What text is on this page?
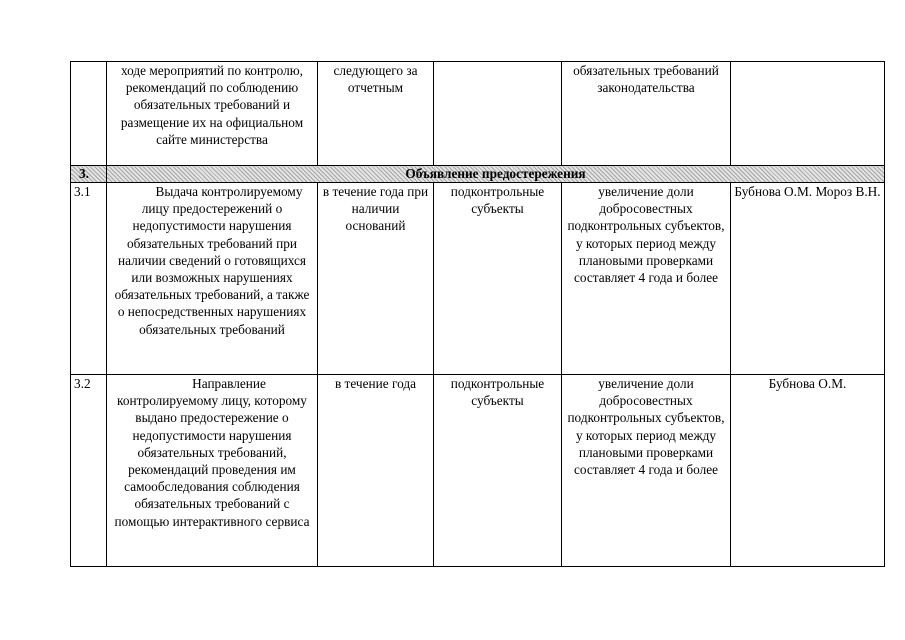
	ходе мероприятий по контролю, рекомендаций по соблюдению обязательных требований и размещение их на официальном сайте министерства	следующего за отчетным		обязательных требований законодательства	
3.	Объявление предостережения				
3.1	Выдача контролируемому лицу предостережений о недопустимости нарушения обязательных требований при наличии сведений о готовящихся или возможных нарушениях обязательных требований, а также о непосредственных нарушениях обязательных требований	в течение года при наличии оснований	подконтрольные субъекты	увеличение доли добросовестных подконтрольных субъектов, у которых период между плановыми проверками составляет 4 года и более	Бубнова О.М. Мороз В.Н.
3.2	Направление контролируемому лицу, которому выдано предостережение о недопустимости нарушения обязательных требований, рекомендаций проведения им самообследования соблюдения обязательных требований с помощью интерактивного сервиса	в течение года	подконтрольные субъекты	увеличение доли добросовестных подконтрольных субъектов, у которых период между плановыми проверками составляет 4 года и более	Бубнова О.М.
